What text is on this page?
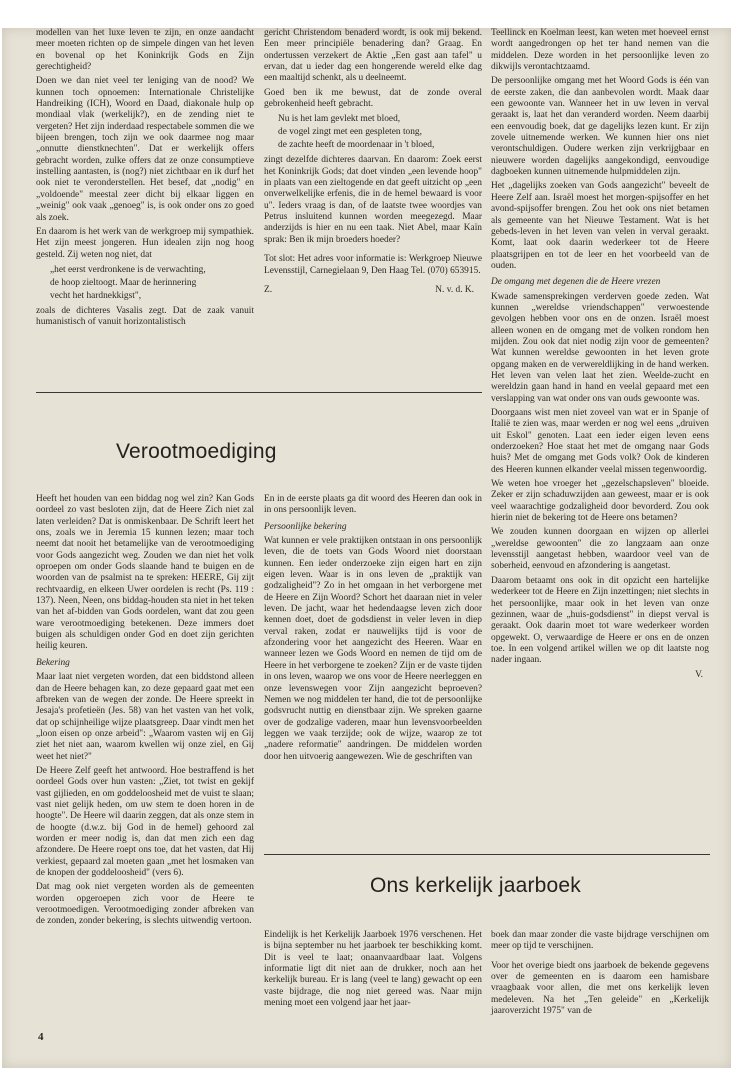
modellen van het luxe leven te zijn, en onze aandacht meer moeten richten op de simpele dingen van het leven en bovenal op het Koninkrijk Gods en Zijn gerechtigheid?

Doen we dan niet veel ter leniging van de nood? We kunnen toch opnoemen: Internationale Christelijke Handreiking (ICH), Woord en Daad, diakonale hulp op mondiaal vlak (werkelijk?), en de zending niet te vergeten? Het zijn inderdaad respectabele sommen die we bijeen brengen, toch zijn we ook daarmee nog maar „onnutte dienstknechten". Dat er werkelijk offers gebracht worden, zulke offers dat ze onze consumptieve instelling aantasten, is (nog?) niet zichtbaar en ik durf het ook niet te veronderstellen. Het besef, dat „nodig" en „voldoende" meestal zeer dicht bij elkaar liggen en „weinig" ook vaak „genoeg" is, is ook onder ons zo goed als zoek.

En daarom is het werk van de werkgroep mij sympathiek. Het zijn meest jongeren. Hun idealen zijn nog hoog gesteld. Zij weten nog niet, dat

„het eerst verdronkene is de verwachting,
de hoop zieltoogt. Maar de herinnering
vecht het hardnekkigst",

zoals de dichteres Vasalis zegt. Dat de zaak vanuit humanistisch of vanuit horizontalistisch

gericht Christendom benaderd wordt, is ook mij bekend. Een meer principiële benadering dan? Graag. En ondertussen verzekert de Aktie „Een gast aan tafel" u ervan, dat u ieder dag een hongerende wereld elke dag een maaltijd schenkt, als u deelneemt.

Goed ben ik me bewust, dat de zonde overal gebrokenheid heeft gebracht.

Nu is het lam gevlekt met bloed,
de vogel zingt met een gespleten tong,
de zachte heeft de moordenaar in 't bloed,

zingt dezelfde dichteres daarvan. En daarom: Zoek eerst het Koninkrijk Gods; dat doet vinden „een levende hoop" in plaats van een zieltogende en dat geeft uitzicht op „een onverwelkelijke erfenis, die in de hemel bewaard is voor u". Ieders vraag is dan, of de laatste twee woordjes van Petrus insluitend kunnen worden meegezegd. Maar anderzijds is hier en nu een taak. Niet Abel, maar Kaïn sprak: Ben ik mijn broeders hoeder?

Tot slot: Het adres voor informatie is: Werkgroep Nieuwe Levensstijl, Carnegielaan 9, Den Haag Tel. (070) 653915.

Z.	N. v. d. K.

Teellinck en Koelman leest, kan weten met hoeveel ernst wordt aangedrongen op het ter hand nemen van die middelen. Deze worden in het persoonlijke leven zo dikwijls verontachtzaamd.

De persoonlijke omgang met het Woord Gods is één van de eerste zaken, die dan aanbevolen wordt. Maak daar een gewoonte van. Wanneer het in uw leven in verval geraakt is, laat het dan veranderd worden. Neem daarbij een eenvoudig boek, dat ge dagelijks lezen kunt. Er zijn zovele uitnemende werken. We kunnen hier ons niet verontschuldigen. Oudere werken zijn verkrijgbaar en nieuwere worden dagelijks aangekondigd, eenvoudige dagboeken kunnen uitnemende hulpmiddelen zijn.

Het „dagelijks zoeken van Gods aangezicht" beveelt de Heere Zelf aan. Israël moest het morgen-spijsoffer en het avond-spijsoffer brengen. Zou het ook ons niet betamen als gemeente van het Nieuwe Testament. Wat is het gebeds-leven in het leven van velen in verval geraakt. Komt, laat ook daarin wederkeer tot de Heere plaatsgrijpen en tot de leer en het voorbeeld van de ouden.

De omgang met degenen die de Heere vrezen

Kwade samensprekingen verderven goede zeden. Wat kunnen „wereldse vriendschappen" verwoestende gevolgen hebben voor ons en de onzen. Israël moest alleen wonen en de omgang met de volken rondom hen mijden. Zou ook dat niet nodig zijn voor de gemeenten? Wat kunnen wereldse gewoonten in het leven grote opgang maken en de verwereldlijking in de hand werken. Het leven van velen laat het zien. Weelde-zucht en wereldzin gaan hand in hand en veelal gepaard met een verslapping van wat onder ons van ouds gewoonte was.

Doorgaans wist men niet zoveel van wat er in Spanje of Italië te zien was, maar werden er nog wel eens „druiven uit Eskol" genoten. Laat een ieder eigen leven eens onderzoeken? Hoe staat het met de omgang naar Gods huis? Met de omgang met Gods volk? Ook de kinderen des Heeren kunnen elkander veelal missen tegenwoordig.

We weten hoe vroeger het „gezelschapsleven" bloeide. Zeker er zijn schaduwzijden aan geweest, maar er is ook veel waarachtige godzaligheid door bevorderd. Zou ook hierin niet de bekering tot de Heere ons betamen?

We zouden kunnen doorgaan en wijzen op allerlei „wereldse gewoonten" die zo langzaam aan onze levensstijl aangetast hebben, waardoor veel van de soberheid, eenvoud en afzondering is aangetast.

Daarom betaamt ons ook in dit opzicht een hartelijke wederkeer tot de Heere en Zijn inzettingen; niet slechts in het persoonlijke, maar ook in het leven van onze gezinnen, waar de „huis-godsdienst" in diepst verval is geraakt. Ook daarin moet tot ware wederkeer worden opgewekt. O, verwaardige de Heere er ons en de onzen toe. In een volgend artikel willen we op dit laatste nog nader ingaan.

V.
Verootmoediging

Heeft het houden van een biddag nog wel zin? Kan Gods oordeel zo vast besloten zijn, dat de Heere Zich niet zal laten verleiden? Dat is onmiskenbaar. De Schrift leert het ons, zoals we in Jeremia 15 kunnen lezen; maar toch neemt dat nooit het betamelijke van de verootmoediging voor Gods aangezicht weg. Zouden we dan niet het volk oproepen om onder Gods slaande hand te buigen en de woorden van de psalmist na te spreken: HEERE, Gij zijt rechtvaardig, en elkeen Uwer oordelen is recht (Ps. 119 : 137). Neen, Neen, ons biddag-houden sta niet in het teken van het af-bidden van Gods oordelen, want dat zou geen ware verootmoediging betekenen. Deze immers doet buigen als schuldigen onder God en doet zijn gerichten heilig keuren.

Bekering

Maar laat niet vergeten worden, dat een biddstond alleen dan de Heere behagen kan, zo deze gepaard gaat met een afbreken van de wegen der zonde. De Heere spreekt in Jesaja's profetieën (Jes. 58) van het vasten van het volk, dat op schijnheilige wijze plaatsgreep. Daar vindt men het „loon eisen op onze arbeid": „Waarom vasten wij en Gij ziet het niet aan, waarom kwellen wij onze ziel, en Gij weet het niet?"

De Heere Zelf geeft het antwoord. Hoe bestraffend is het oordeel Gods over hun vasten: „Ziet, tot twist en gekijf vast gijlieden, en om goddeloosheid met de vuist te slaan; vast niet gelijk heden, om uw stem te doen horen in de hoogte". De Heere wil daarin zeggen, dat als onze stem in de hoogte (d.w.z. bij God in de hemel) gehoord zal worden er meer nodig is, dan dat men zich een dag afzondere. De Heere roept ons toe, dat het vasten, dat Hij verkiest, gepaard zal moeten gaan „met het losmaken van de knopen der goddeloosheid" (vers 6).

Dat mag ook niet vergeten worden als de gemeenten worden opgeroepen zich voor de Heere te verootmoedigen. Verootmoediging zonder afbreken van de zonden, zonder bekering, is slechts uitwendig vertoon.

En in de eerste plaats ga dit woord des Heeren dan ook in in ons persoonlijk leven.

Persoonlijke bekering

Wat kunnen er vele praktijken ontstaan in ons persoonlijk leven, die de toets van Gods Woord niet doorstaan kunnen. Een ieder onderzoeke zijn eigen hart en zijn eigen leven. Waar is in ons leven de „praktijk van godzaligheid"? Zo in het omgaan in het verborgene met de Heere en Zijn Woord? Schort het daaraan niet in veler leven. De jacht, waar het hedendaagse leven zich door kennen doet, doet de godsdienst in veler leven in diep verval raken, zodat er nauwelijks tijd is voor de afzondering voor het aangezicht des Heeren. Waar en wanneer lezen we Gods Woord en nemen de tijd om de Heere in het verborgene te zoeken? Zijn er de vaste tijden in ons leven, waarop we ons voor de Heere neerleggen en onze levenswegen voor Zijn aangezicht beproeven? Nemen we nog middelen ter hand, die tot de persoonlijke godsvrucht nuttig en dienstbaar zijn. We spreken gaarne over de godzalige vaderen, maar hun levensvoorbeelden leggen we vaak terzijde; ook de wijze, waarop ze tot „nadere reformatie" aandringen. De middelen worden door hen uitvoerig aangewezen. Wie de geschriften van

Ons kerkelijk jaarboek

Eindelijk is het Kerkelijk Jaarboek 1976 verschenen. Het is bijna september nu het jaarboek ter beschikking komt. Dit is veel te laat; onaanvaardbaar laat. Volgens informatie ligt dit niet aan de drukker, noch aan het kerkelijk bureau. Er is lang (veel te lang) gewacht op een vaste bijdrage, die nog niet gereed was. Naar mijn mening moet een volgend jaar het jaar-

boek dan maar zonder die vaste bijdrage verschijnen om meer op tijd te verschijnen.

Voor het overige biedt ons jaarboek de bekende gegevens over de gemeenten en is daarom een hamisbare vraagbaak voor allen, die met ons kerkelijk leven medeleven. Na het „Ten geleide" en „Kerkelijk jaaroverzicht 1975" van de

4
